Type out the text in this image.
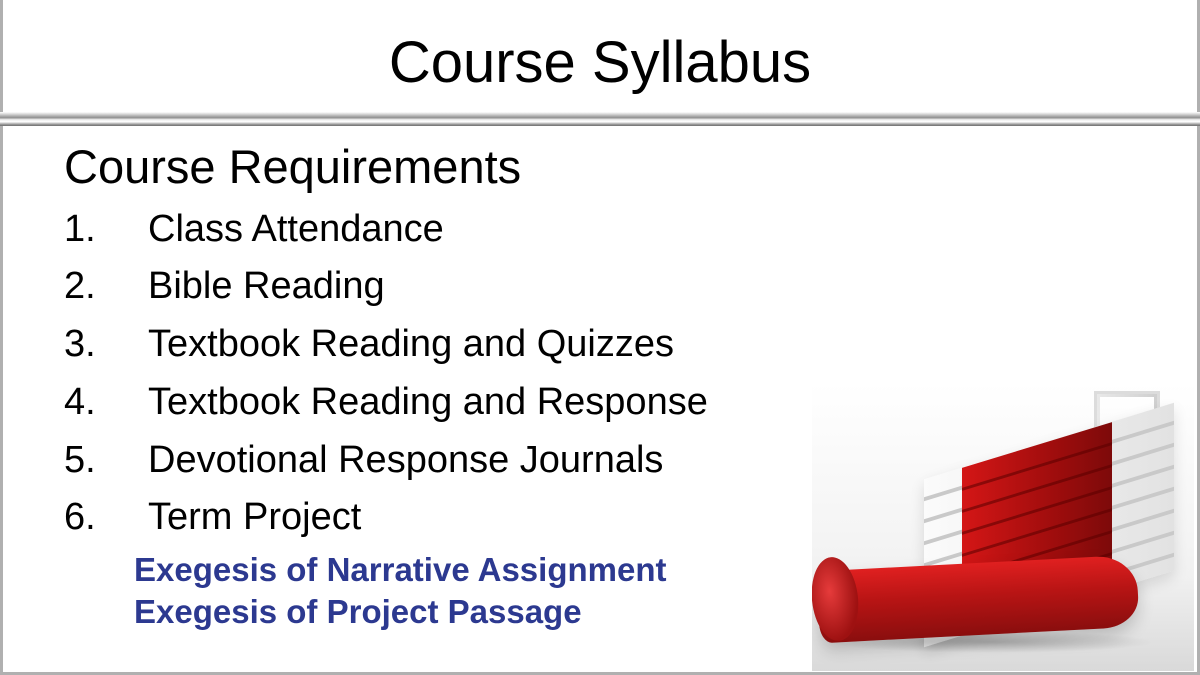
Course Syllabus
Course Requirements
1.	Class Attendance
2.	Bible Reading
3.	Textbook Reading and Quizzes
4.	Textbook Reading and Response
5.	Devotional Response Journals
6.	Term Project
Exegesis of Narrative Assignment
Exegesis of Project Passage
